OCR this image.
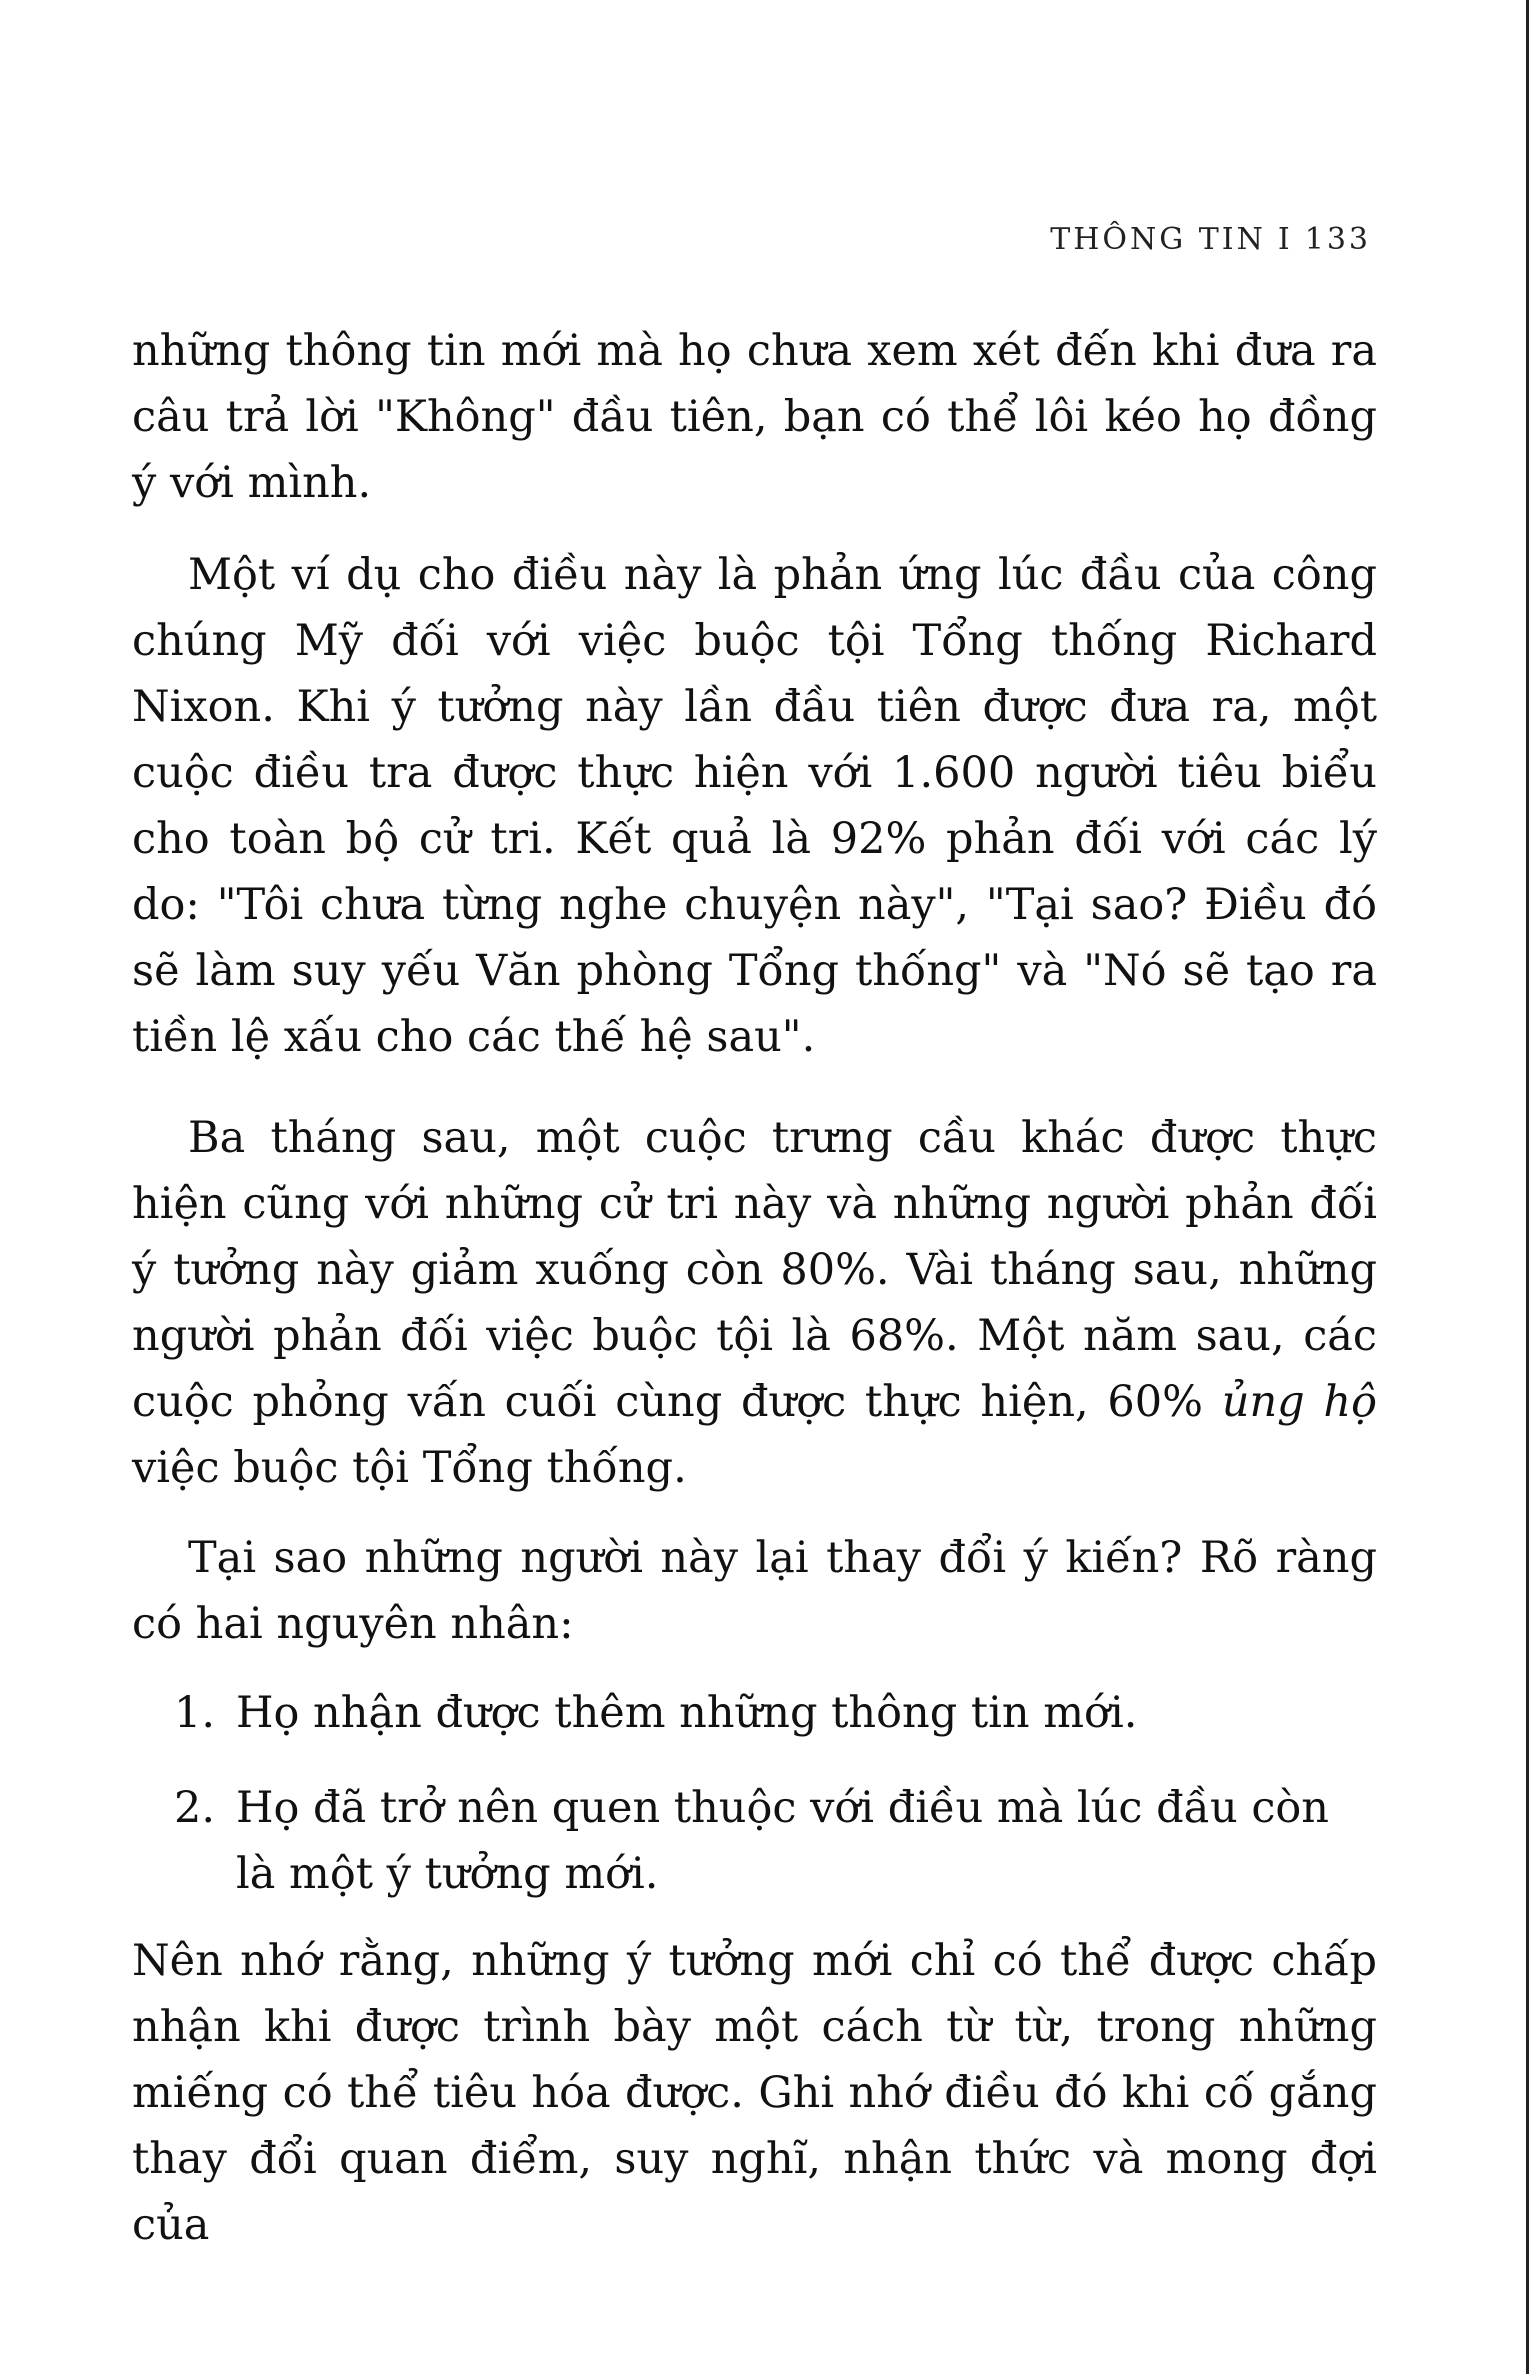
THÔNG TIN I 133

những thông tin mới mà họ chưa xem xét đến khi đưa ra câu trả lời "Không" đầu tiên, bạn có thể lôi kéo họ đồng ý với mình.

Một ví dụ cho điều này là phản ứng lúc đầu của công chúng Mỹ đối với việc buộc tội Tổng thống Richard Nixon. Khi ý tưởng này lần đầu tiên được đưa ra, một cuộc điều tra được thực hiện với 1.600 người tiêu biểu cho toàn bộ cử tri. Kết quả là 92% phản đối với các lý do: "Tôi chưa từng nghe chuyện này", "Tại sao? Điều đó sẽ làm suy yếu Văn phòng Tổng thống" và "Nó sẽ tạo ra tiền lệ xấu cho các thế hệ sau".

Ba tháng sau, một cuộc trưng cầu khác được thực hiện cũng với những cử tri này và những người phản đối ý tưởng này giảm xuống còn 80%. Vài tháng sau, những người phản đối việc buộc tội là 68%. Một năm sau, các cuộc phỏng vấn cuối cùng được thực hiện, 60% ủng hộ việc buộc tội Tổng thống.

Tại sao những người này lại thay đổi ý kiến? Rõ ràng có hai nguyên nhân:

1. Họ nhận được thêm những thông tin mới.
2. Họ đã trở nên quen thuộc với điều mà lúc đầu còn là một ý tưởng mới.

Nên nhớ rằng, những ý tưởng mới chỉ có thể được chấp nhận khi được trình bày một cách từ từ, trong những miếng có thể tiêu hóa được. Ghi nhớ điều đó khi cố gắng thay đổi quan điểm, suy nghĩ, nhận thức và mong đợi của
